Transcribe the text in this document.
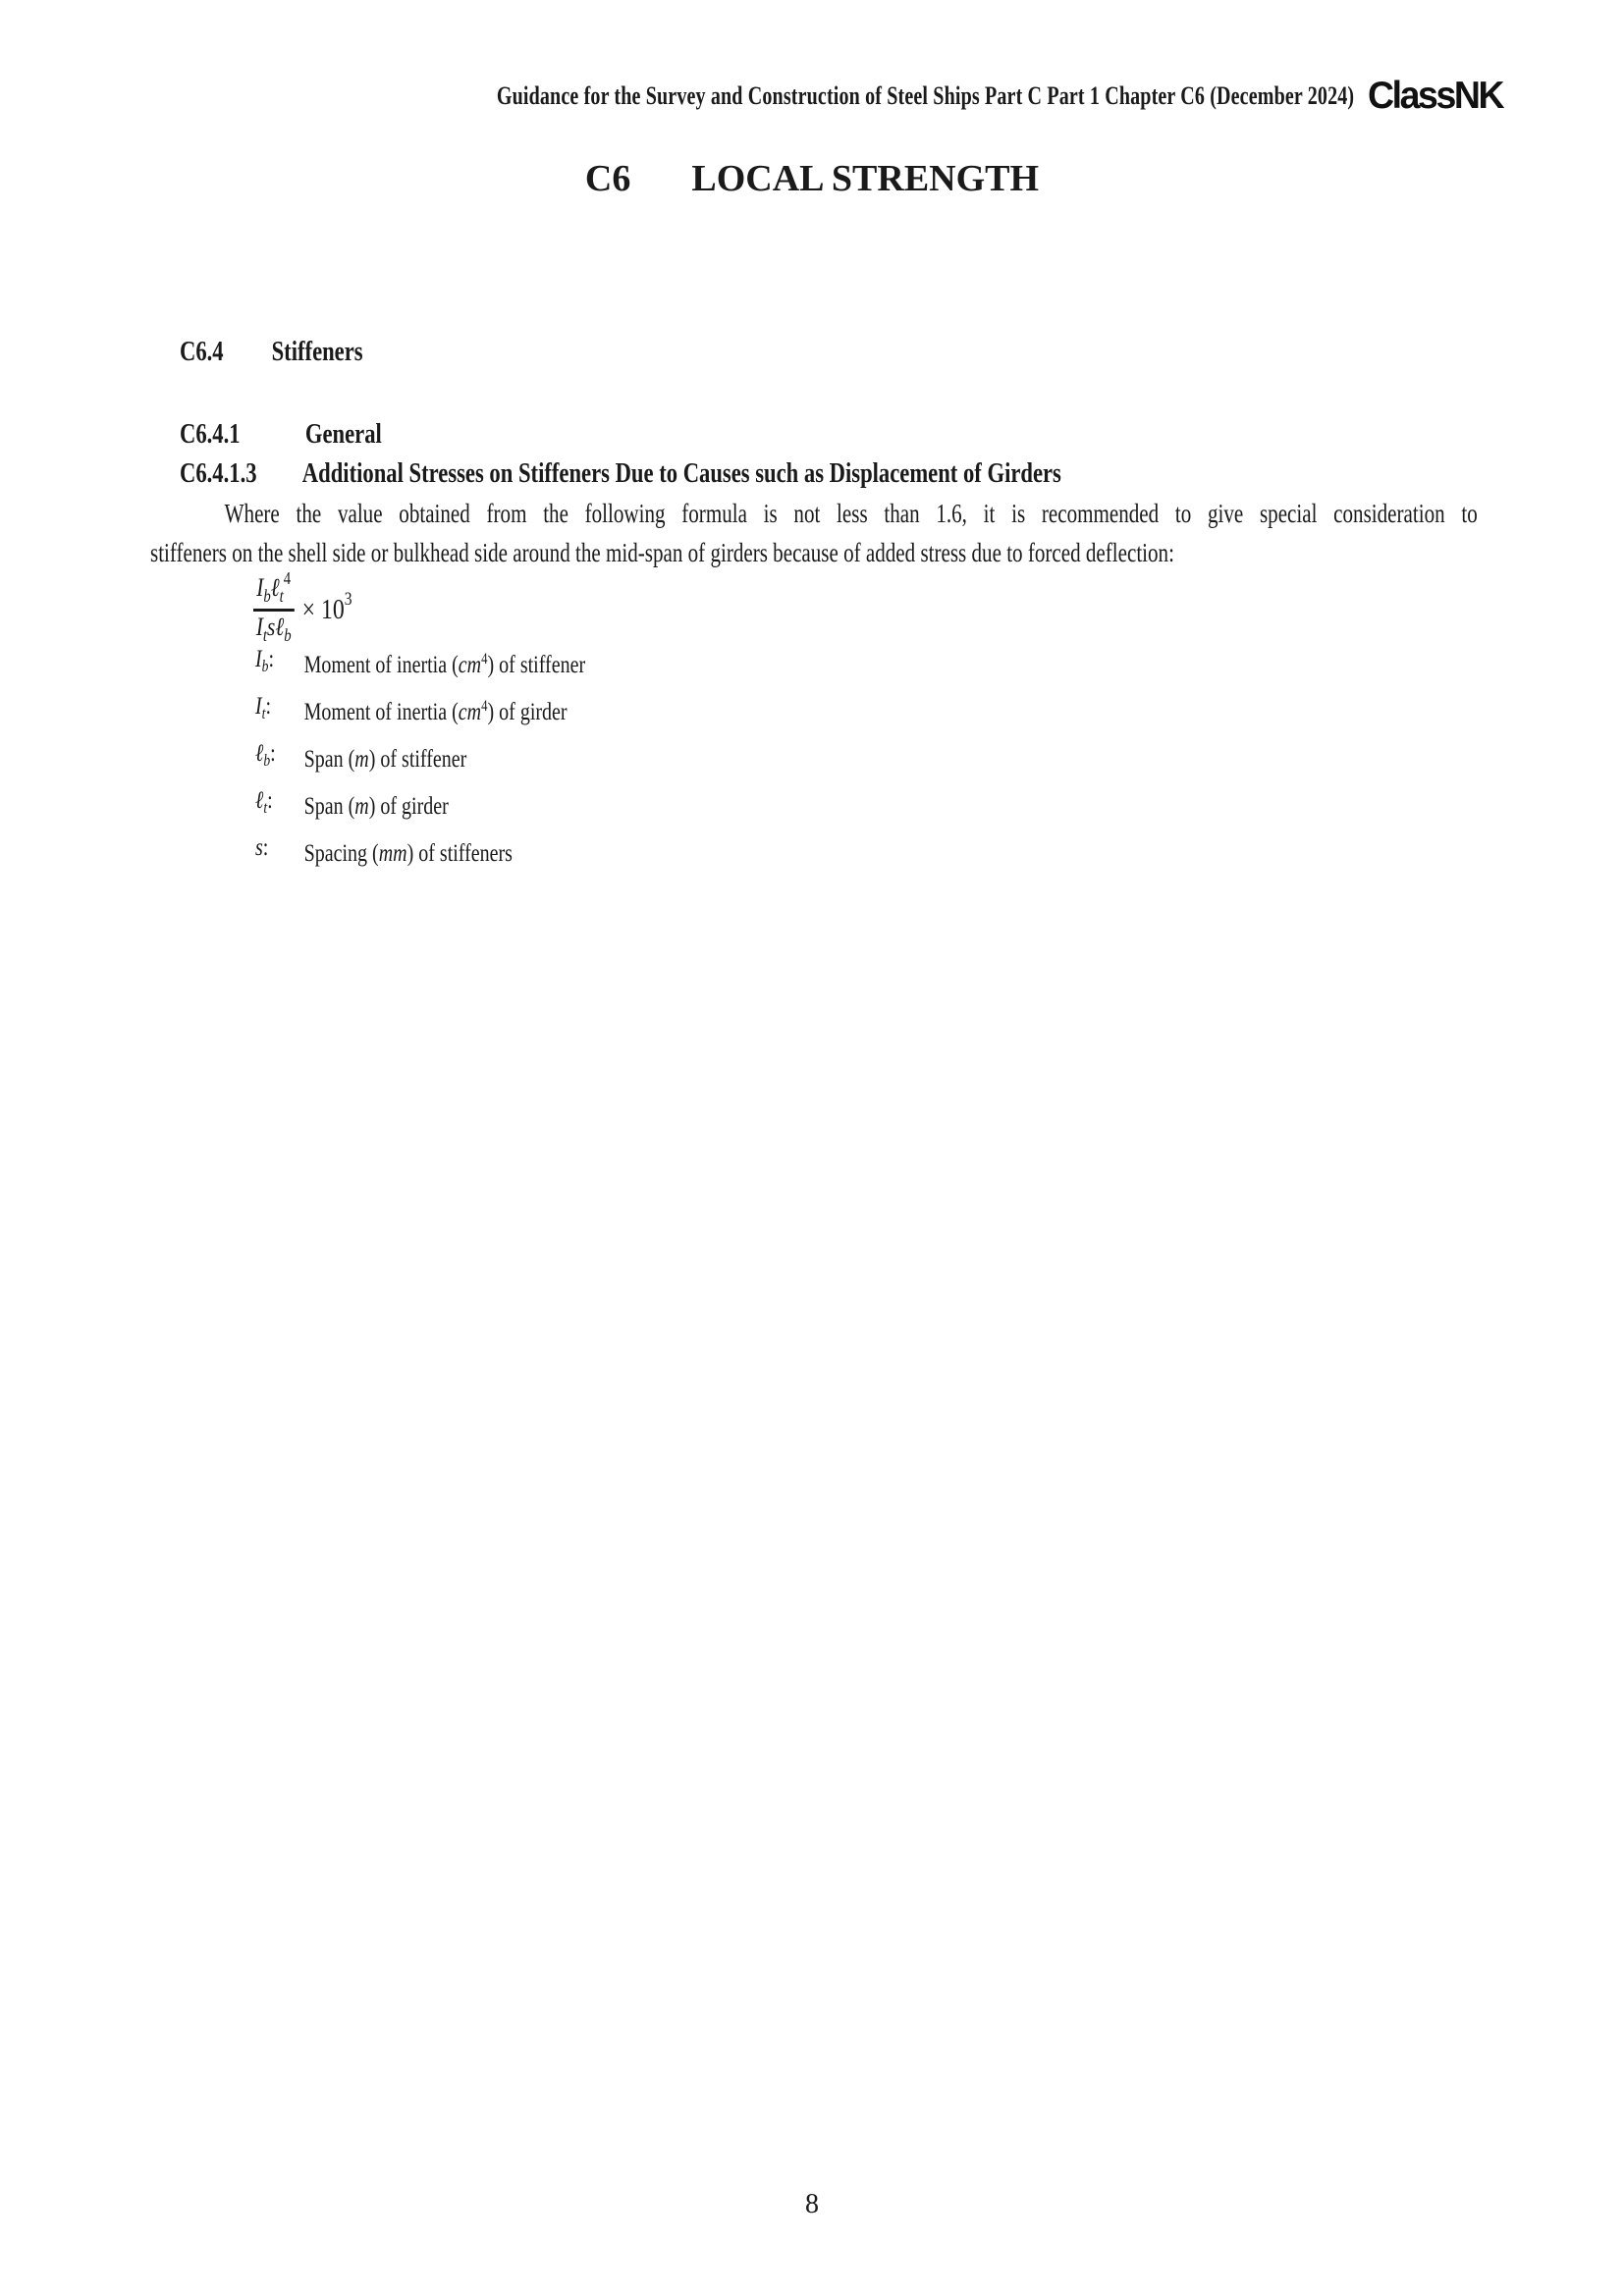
Guidance for the Survey and Construction of Steel Ships Part C Part 1 Chapter C6 (December 2024) ClassNK
C6 LOCAL STRENGTH
C6.4 Stiffeners
C6.4.1 General
C6.4.1.3 Additional Stresses on Stiffeners Due to Causes such as Displacement of Girders
Where the value obtained from the following formula is not less than 1.6, it is recommended to give special consideration to
stiffeners on the shell side or bulkhead side around the mid-span of girders because of added stress due to forced deflection:
$\frac{I_b\ell_t^4}{I_ts\ell_b} \times 10^3$
$I_b$:	Moment of inertia $(cm^4)$ of stiffener
$I_t$:	Moment of inertia $(cm^4)$ of girder
ℓ$_b$:	Span (m) of stiffener
ℓ$_t$:	Span (m) of girder
s:	Spacing (mm) of stiffeners
8
